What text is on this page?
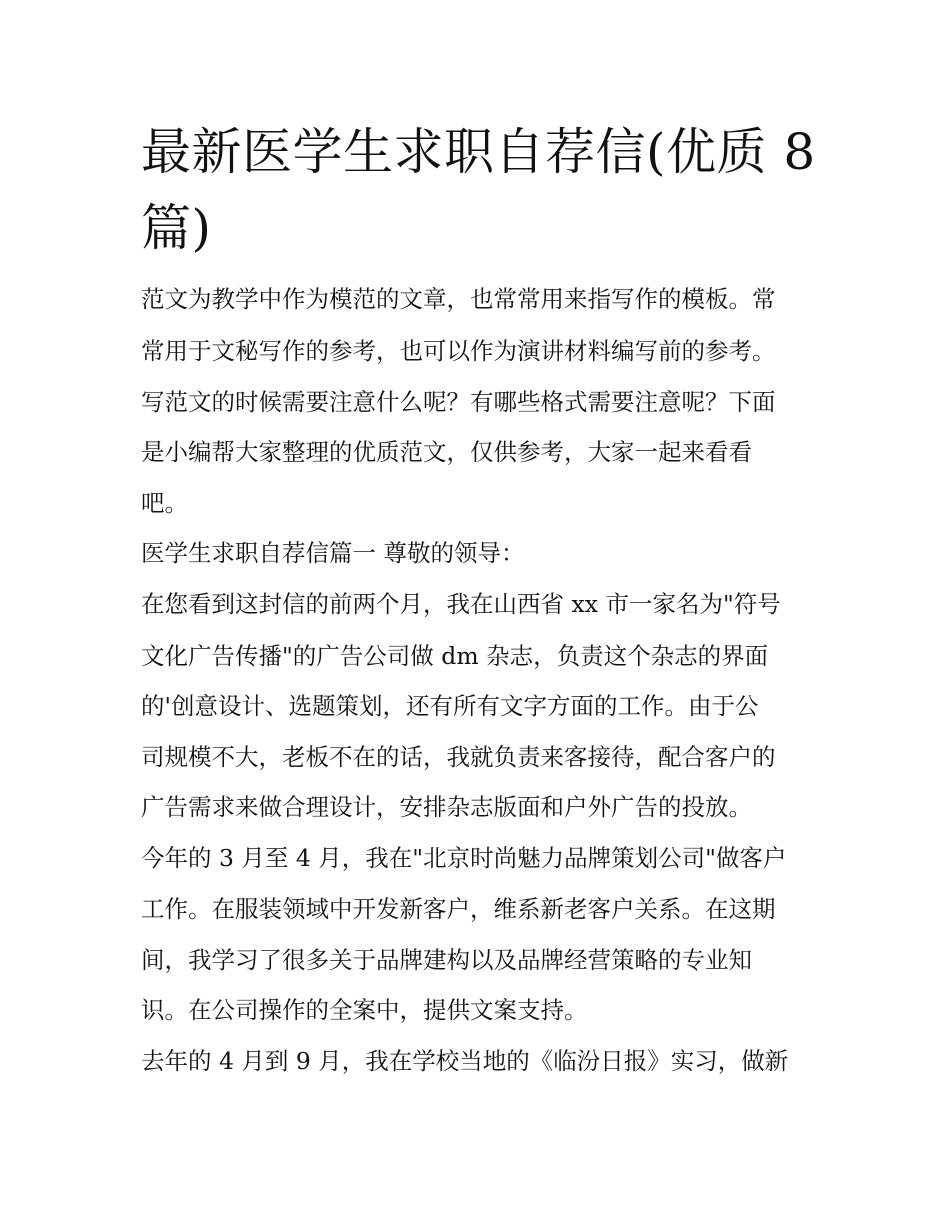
最新医学生求职自荐信(优质 8
篇)

范文为教学中作为模范的文章，也常常用来指写作的模板。常

常用于文秘写作的参考，也可以作为演讲材料编写前的参考。

写范文的时候需要注意什么呢？有哪些格式需要注意呢？下面

是小编帮大家整理的优质范文，仅供参考，大家一起来看看

吧。

医学生求职自荐信篇一 尊敬的领导：

在您看到这封信的前两个月，我在山西省 xx 市一家名为"符号

文化广告传播"的广告公司做 dm 杂志，负责这个杂志的界面

的'创意设计、选题策划，还有所有文字方面的工作。由于公

司规模不大，老板不在的话，我就负责来客接待，配合客户的

广告需求来做合理设计，安排杂志版面和户外广告的投放。

今年的 3 月至 4 月，我在"北京时尚魅力品牌策划公司"做客户

工作。在服装领域中开发新客户，维系新老客户关系。在这期

间，我学习了很多关于品牌建构以及品牌经营策略的专业知

识。在公司操作的全案中，提供文案支持。

去年的 4 月到 9 月，我在学校当地的《临汾日报》实习，做新
